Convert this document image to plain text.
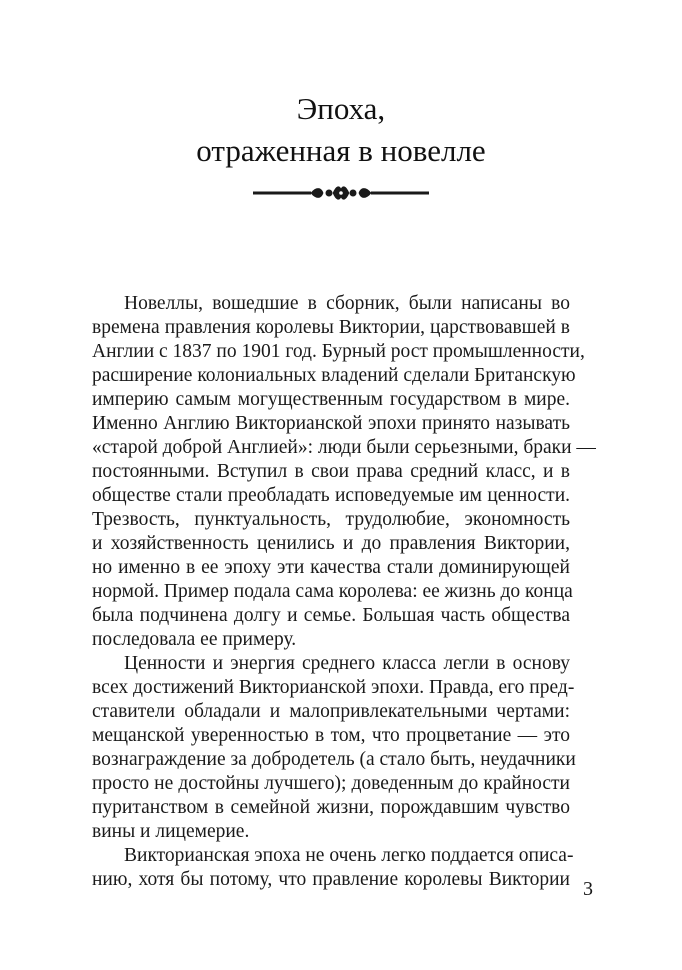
Эпоха,
отраженная в новелле
Новеллы, вошедшие в сборник, были написаны во
времена правления королевы Виктории, царствовавшей в
Англии с 1837 по 1901 год. Бурный рост промышленности,
расширение колониальных владений сделали Британскую
империю самым могущественным государством в мире.
Именно Англию Викторианской эпохи принято называть
«старой доброй Англией»: люди были серьезными, браки —
постоянными. Вступил в свои права средний класс, и в
обществе стали преобладать исповедуемые им ценности.
Трезвость, пунктуальность, трудолюбие, экономность
и хозяйственность ценились и до правления Виктории,
но именно в ее эпоху эти качества стали доминирующей
нормой. Пример подала сама королева: ее жизнь до конца
была подчинена долгу и семье. Большая часть общества
последовала ее примеру.
Ценности и энергия среднего класса легли в основу
всех достижений Викторианской эпохи. Правда, его пред-
ставители обладали и малопривлекательными чертами:
мещанской уверенностью в том, что процветание — это
вознаграждение за добродетель (а стало быть, неудачники
просто не достойны лучшего); доведенным до крайности
пуританством в семейной жизни, порождавшим чувство
вины и лицемерие.
Викторианская эпоха не очень легко поддается описа-
нию, хотя бы потому, что правление королевы Виктории 3
